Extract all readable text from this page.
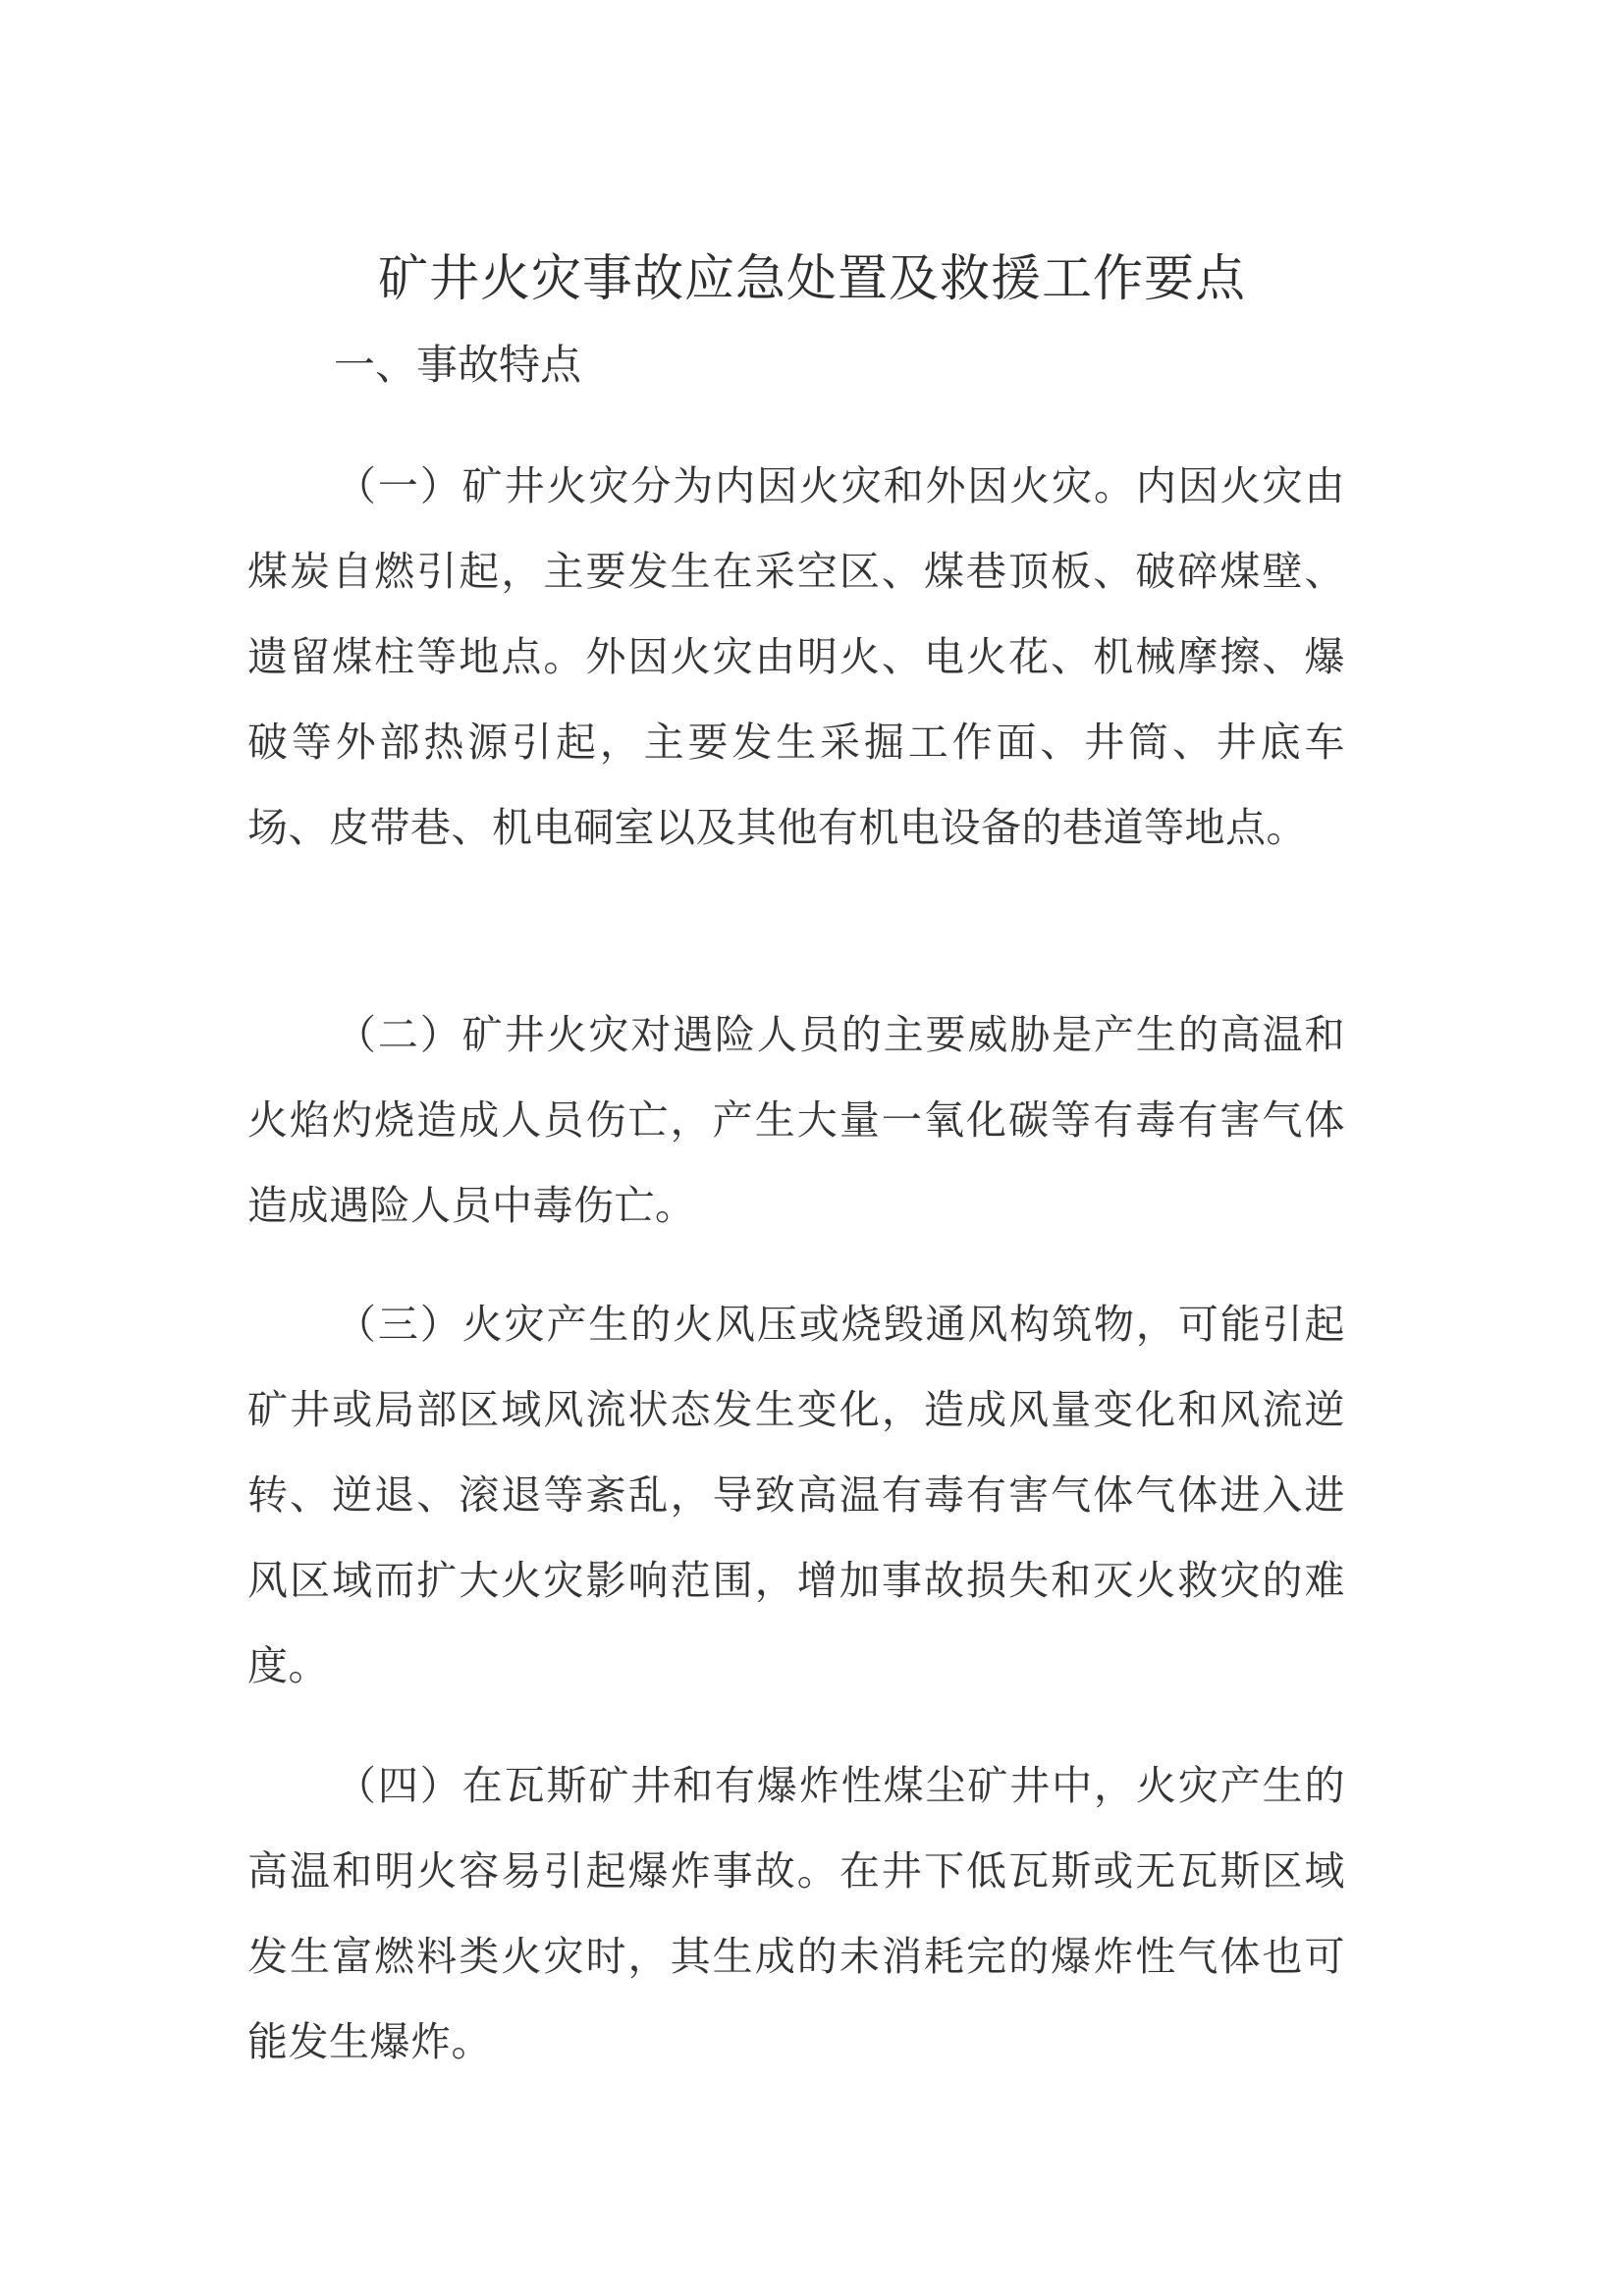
矿井火灾事故应急处置及救援工作要点
一、事故特点

（一）矿井火灾分为内因火灾和外因火灾。内因火灾由煤炭自燃引起，主要发生在采空区、煤巷顶板、破碎煤壁、遗留煤柱等地点。外因火灾由明火、电火花、机械摩擦、爆破等外部热源引起，主要发生采掘工作面、井筒、井底车场、皮带巷、机电硐室以及其他有机电设备的巷道等地点。

（二）矿井火灾对遇险人员的主要威胁是产生的高温和火焰灼烧造成人员伤亡，产生大量一氧化碳等有毒有害气体造成遇险人员中毒伤亡。

（三）火灾产生的火风压或烧毁通风构筑物，可能引起矿井或局部区域风流状态发生变化，造成风量变化和风流逆转、逆退、滚退等紊乱，导致高温有毒有害气体气体进入进风区域而扩大火灾影响范围，增加事故损失和灭火救灾的难度。

（四）在瓦斯矿井和有爆炸性煤尘矿井中，火灾产生的高温和明火容易引起爆炸事故。在井下低瓦斯或无瓦斯区域发生富燃料类火灾时，其生成的未消耗完的爆炸性气体也可能发生爆炸。
